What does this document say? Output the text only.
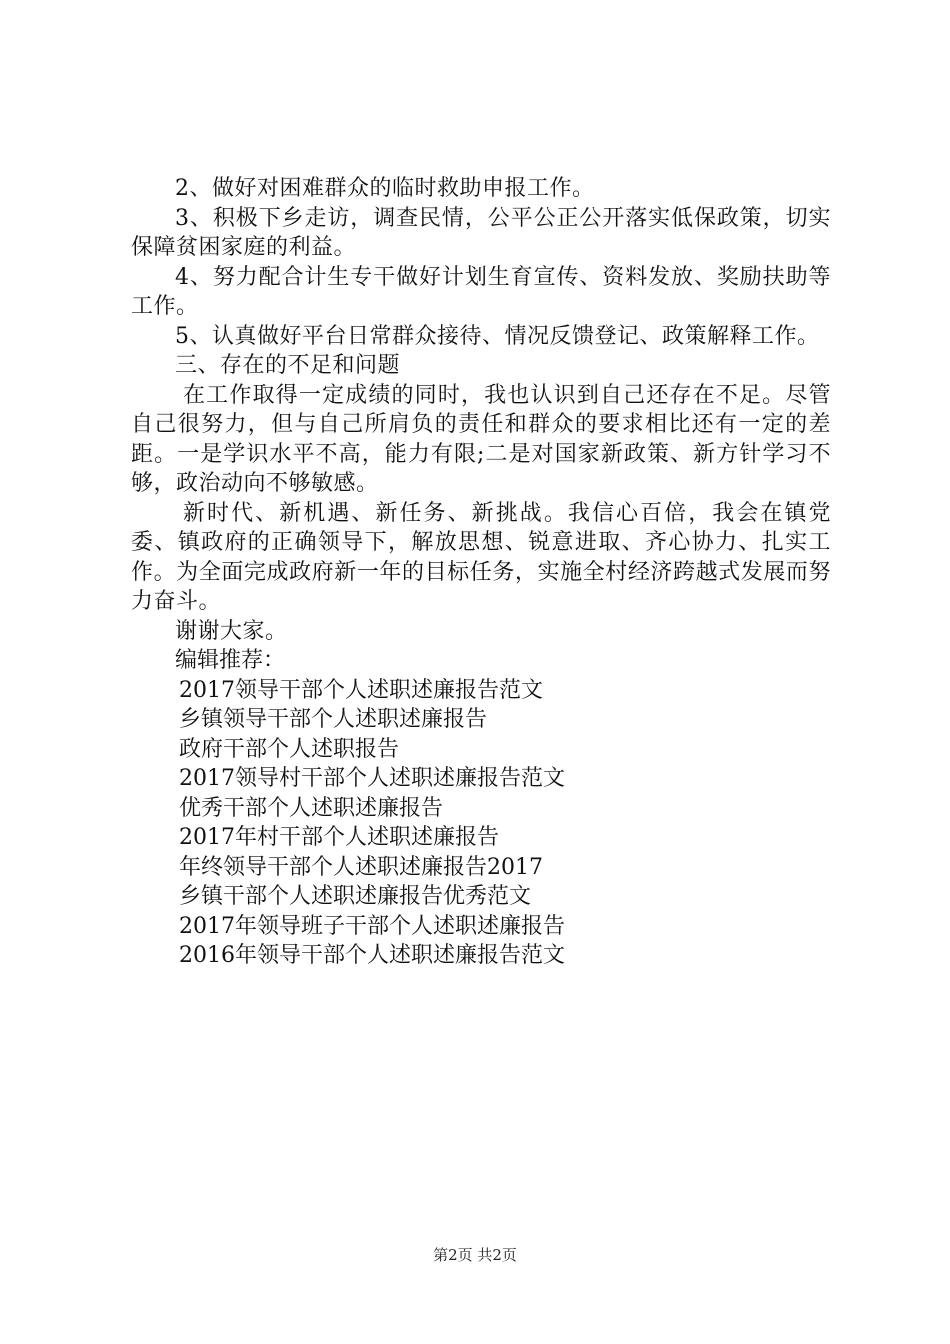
2、做好对困难群众的临时救助申报工作。

3、积极下乡走访，调查民情，公平公正公开落实低保政策，切实保障贫困家庭的利益。

4、努力配合计生专干做好计划生育宣传、资料发放、奖励扶助等工作。

5、认真做好平台日常群众接待、情况反馈登记、政策解释工作。

三、存在的不足和问题

在工作取得一定成绩的同时，我也认识到自己还存在不足。尽管自己很努力，但与自己所肩负的责任和群众的要求相比还有一定的差距。一是学识水平不高，能力有限;二是对国家新政策、新方针学习不够，政治动向不够敏感。

新时代、新机遇、新任务、新挑战。我信心百倍，我会在镇党委、镇政府的正确领导下，解放思想、锐意进取、齐心协力、扎实工作。为全面完成政府新一年的目标任务，实施全村经济跨越式发展而努力奋斗。

谢谢大家。

编辑推荐：

2017领导干部个人述职述廉报告范文
乡镇领导干部个人述职述廉报告
政府干部个人述职报告
2017领导村干部个人述职述廉报告范文
优秀干部个人述职述廉报告
2017年村干部个人述职述廉报告
年终领导干部个人述职述廉报告2017
乡镇干部个人述职述廉报告优秀范文
2017年领导班子干部个人述职述廉报告
2016年领导干部个人述职述廉报告范文
第2页 共2页
